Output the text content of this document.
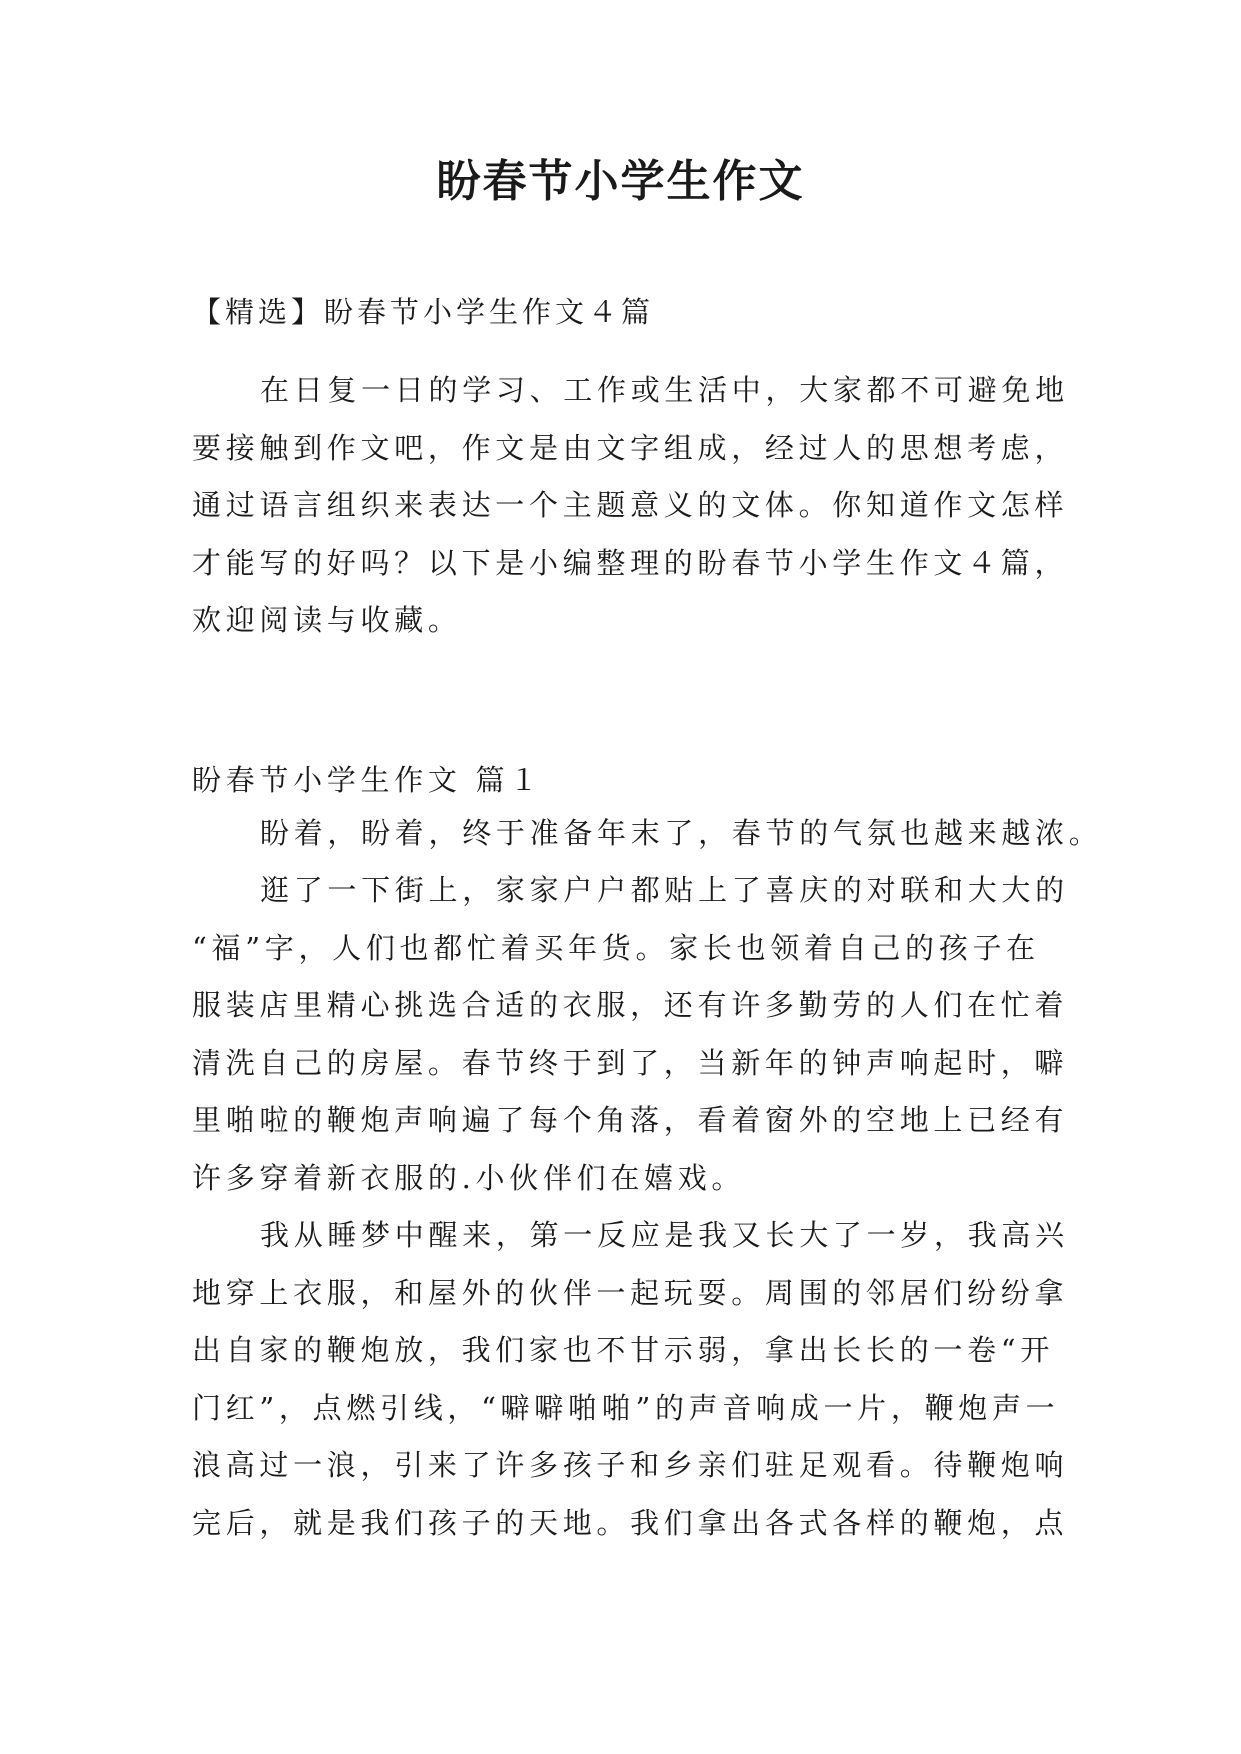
盼春节小学生作文

【精选】盼春节小学生作文４篇

在日复一日的学习、工作或生活中，大家都不可避免地
要接触到作文吧，作文是由文字组成，经过人的思想考虑，
通过语言组织来表达一个主题意义的文体。你知道作文怎样
才能写的好吗？以下是小编整理的盼春节小学生作文４篇，
欢迎阅读与收藏。

盼春节小学生作文 篇１

盼着，盼着，终于准备年末了，春节的气氛也越来越浓。
逛了一下街上，家家户户都贴上了喜庆的对联和大大的
“福”字，人们也都忙着买年货。家长也领着自己的孩子在
服装店里精心挑选合适的衣服，还有许多勤劳的人们在忙着
清洗自己的房屋。春节终于到了，当新年的钟声响起时，噼
里啪啦的鞭炮声响遍了每个角落，看着窗外的空地上已经有
许多穿着新衣服的.小伙伴们在嬉戏。
我从睡梦中醒来，第一反应是我又长大了一岁，我高兴
地穿上衣服，和屋外的伙伴一起玩耍。周围的邻居们纷纷拿
出自家的鞭炮放，我们家也不甘示弱，拿出长长的一卷“开
门红”，点燃引线，“噼噼啪啪”的声音响成一片，鞭炮声一
浪高过一浪，引来了许多孩子和乡亲们驻足观看。待鞭炮响
完后，就是我们孩子的天地。我们拿出各式各样的鞭炮，点
